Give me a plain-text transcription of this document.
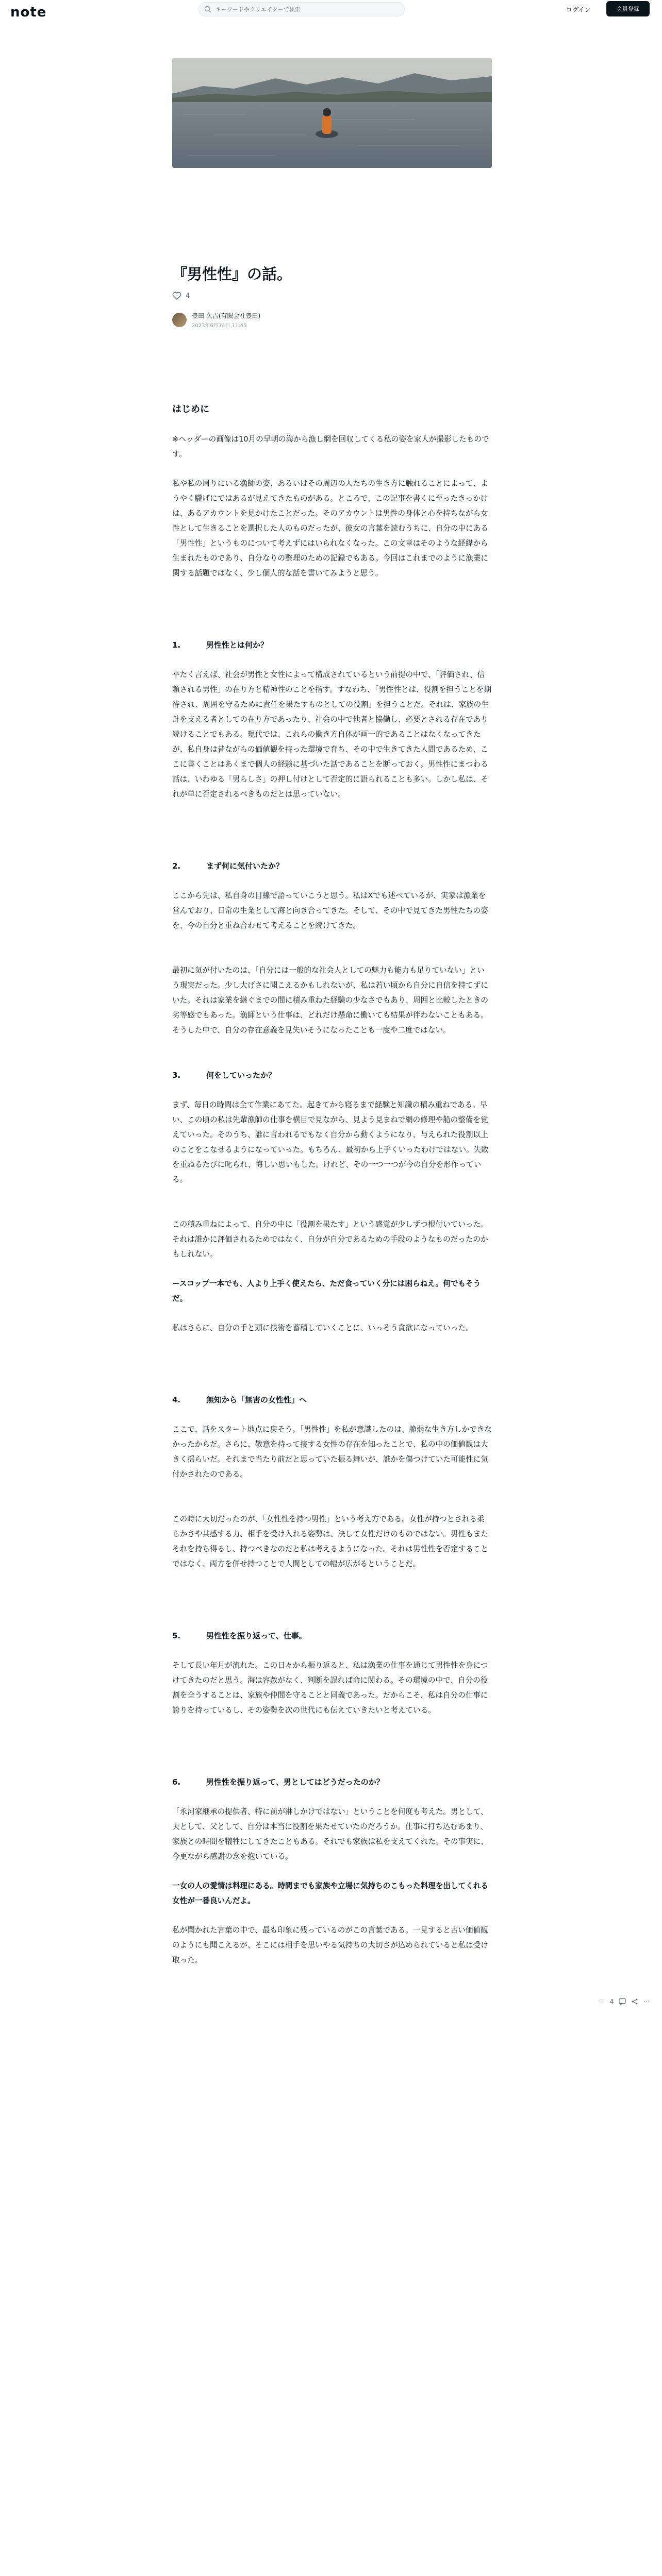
note
キーワードやクリエイターで検索	ログイン	会員登録
『男性性』の話。
4
豊田 久吉(有限会社豊田)
2023年6月14日 11:45
はじめに

※ヘッダーの画像は10月の早朝の海から漁し網を回収してくる私の姿を家人が撮影したものです。

私や私の周りにいる漁師の姿、あるいはその周辺の人たちの生き方に触れることによって、ようやく朧げにではあるが見えてきたものがある。ところで、この記事を書くに至ったきっかけは、あるアカウントを見かけたことだった。そのアカウントは男性の身体と心を持ちながら女性として生きることを選択した人のものだったが、彼女の言葉を読むうちに、自分の中にある「男性性」というものについて考えずにはいられなくなった。この文章はそのような経緯から生まれたものであり、自分なりの整理のための記録でもある。今回はこれまでのように漁業に関する話題ではなく、少し個人的な話を書いてみようと思う。

1.	男性性とは何か？

平たく言えば、社会が男性と女性によって構成されているという前提の中で、「評価され、信頼される男性」の在り方と精神性のことを指す。すなわち、「男性性とは、役割を担うことを期待され、周囲を守るために責任を果たすものとしての役割」を担うことだ。それは、家族の生計を支える者としての在り方であったり、社会の中で他者と協働し、必要とされる存在であり続けることでもある。現代では、これらの働き方自体が画一的であることはなくなってきたが、私自身は昔ながらの価値観を持った環境で育ち、その中で生きてきた人間であるため、ここに書くことはあくまで個人の経験に基づいた話であることを断っておく。男性性にまつわる話は、いわゆる「男らしさ」の押し付けとして否定的に語られることも多い。しかし私は、それが単に否定されるべきものだとは思っていない。

2.	まず何に気付いたか？

ここから先は、私自身の目線で語っていこうと思う。私はXでも述べているが、実家は漁業を営んでおり、日常の生業として海と向き合ってきた。そして、その中で見てきた男性たちの姿を、今の自分と重ね合わせて考えることを続けてきた。

最初に気が付いたのは、「自分には一般的な社会人としての魅力も能力も足りていない」という現実だった。少し大げさに聞こえるかもしれないが、私は若い頃から自分に自信を持てずにいた。それは家業を継ぐまでの間に積み重ねた経験の少なさでもあり、周囲と比較したときの劣等感でもあった。漁師という仕事は、どれだけ懸命に働いても結果が伴わないこともある。そうした中で、自分の存在意義を見失いそうになったことも一度や二度ではない。

3.	何をしていったか？

まず、毎日の時間は全て作業にあてた。起きてから寝るまで経験と知識の積み重ねである。早い、この頃の私は先輩漁師の仕事を横目で見ながら、見よう見まねで網の修理や船の整備を覚えていった。そのうち、誰に言われるでもなく自分から動くようになり、与えられた役割以上のことをこなせるようになっていった。もちろん、最初から上手くいったわけではない。失敗を重ねるたびに叱られ、悔しい思いもした。けれど、その一つ一つが今の自分を形作っている。

この積み重ねによって、自分の中に「役割を果たす」という感覚が少しずつ根付いていった。それは誰かに評価されるためではなく、自分が自分であるための手段のようなものだったのかもしれない。

ースコップ一本でも、人より上手く使えたら、ただ食っていく分には困らねえ。何でもそうだ。

私はさらに、自分の手と頭に技術を蓄積していくことに、いっそう貪欲になっていった。

4.	無知から「無害の女性性」へ

ここで、話をスタート地点に戻そう。「男性性」を私が意識したのは、脆弱な生き方しかできなかったからだ。さらに、敬意を持って接する女性の存在を知ったことで、私の中の価値観は大きく揺らいだ。それまで当たり前だと思っていた振る舞いが、誰かを傷つけていた可能性に気付かされたのである。

この時に大切だったのが、「女性性を持つ男性」という考え方である。女性が持つとされる柔らかさや共感する力、相手を受け入れる姿勢は、決して女性だけのものではない。男性もまたそれを持ち得るし、持つべきなのだと私は考えるようになった。それは男性性を否定することではなく、両方を併せ持つことで人間としての幅が広がるということだ。

5.	男性性を振り返って、仕事。

そして長い年月が流れた。この日々から振り返ると、私は漁業の仕事を通じて男性性を身につけてきたのだと思う。海は容赦がなく、判断を誤れば命に関わる。その環境の中で、自分の役割を全うすることは、家族や仲間を守ることと同義であった。だからこそ、私は自分の仕事に誇りを持っているし、その姿勢を次の世代にも伝えていきたいと考えている。

6.	男性性を振り返って、男としてはどうだったのか？

「永河家継承の提供者、特に前が淋しかけではない」ということを何度も考えた。男として、夫として、父として、自分は本当に役割を果たせていたのだろうか。仕事に打ち込むあまり、家族との時間を犠牲にしてきたこともある。それでも家族は私を支えてくれた。その事実に、今更ながら感謝の念を抱いている。

一女の人の愛情は料理にある。時間までも家族や立場に気持ちのこもった料理を出してくれる女性が一番良いんだよ。

私が聞かれた言葉の中で、最も印象に残っているのがこの言葉である。一見すると古い価値観のようにも聞こえるが、そこには相手を思いやる気持ちの大切さが込められていると私は受け取った。

♡ 4	⋯
